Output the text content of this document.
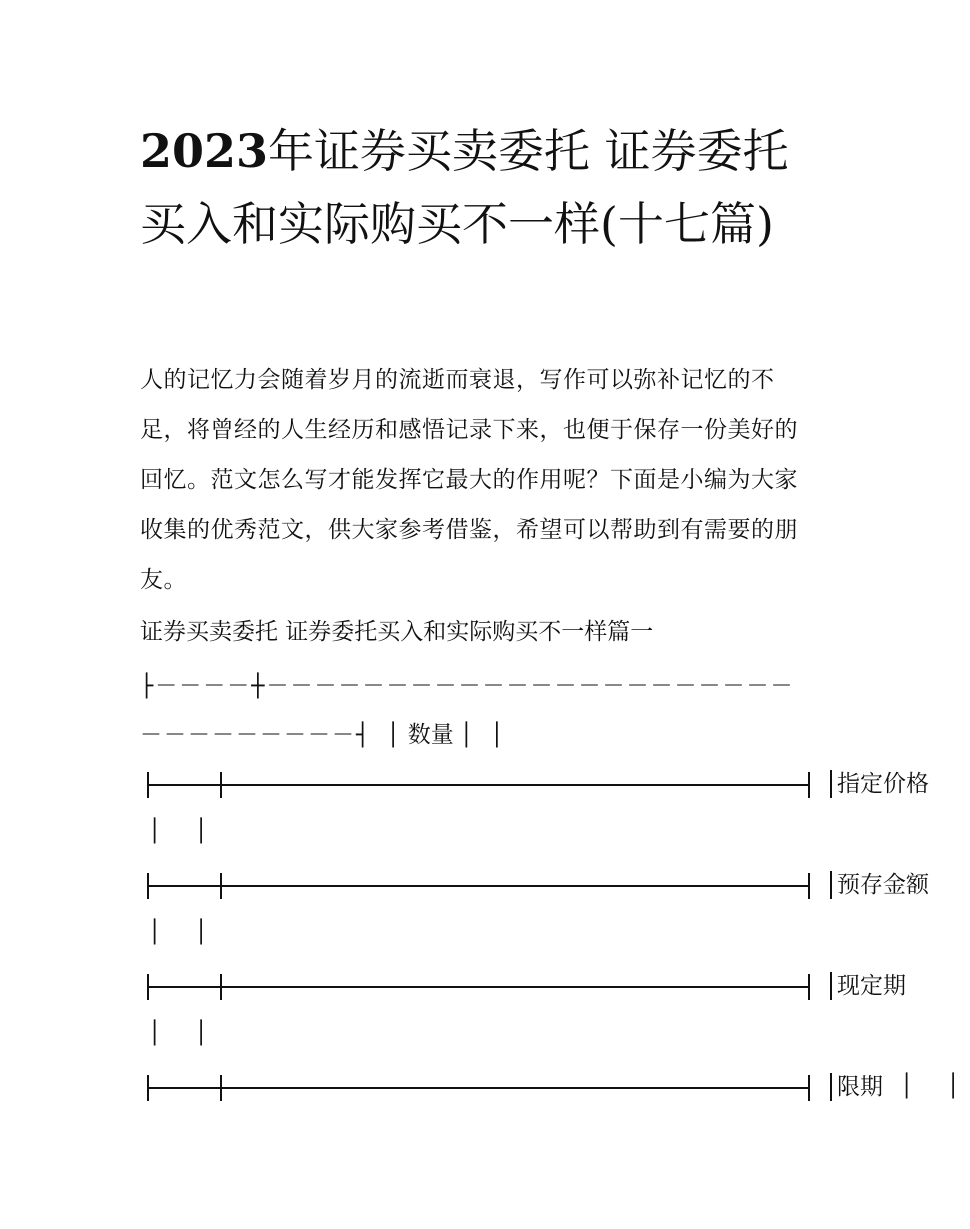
2023年证券买卖委托 证券委托买入和实际购买不一样(十七篇)

人的记忆力会随着岁月的流逝而衰退，写作可以弥补记忆的不足，将曾经的人生经历和感悟记录下来，也便于保存一份美好的回忆。范文怎么写才能发挥它最大的作用呢？下面是小编为大家收集的优秀范文，供大家参考借鉴，希望可以帮助到有需要的朋友。

证券买卖委托 证券委托买入和实际购买不一样篇一

├－－－－┼－－－－－－－－－－－－－－－－－－－－－－
－－－－－－－－－┤ │ 数量 │ │
指定价格
│ │
预存金额
│ │
现定期
│ │
限期 │ │
